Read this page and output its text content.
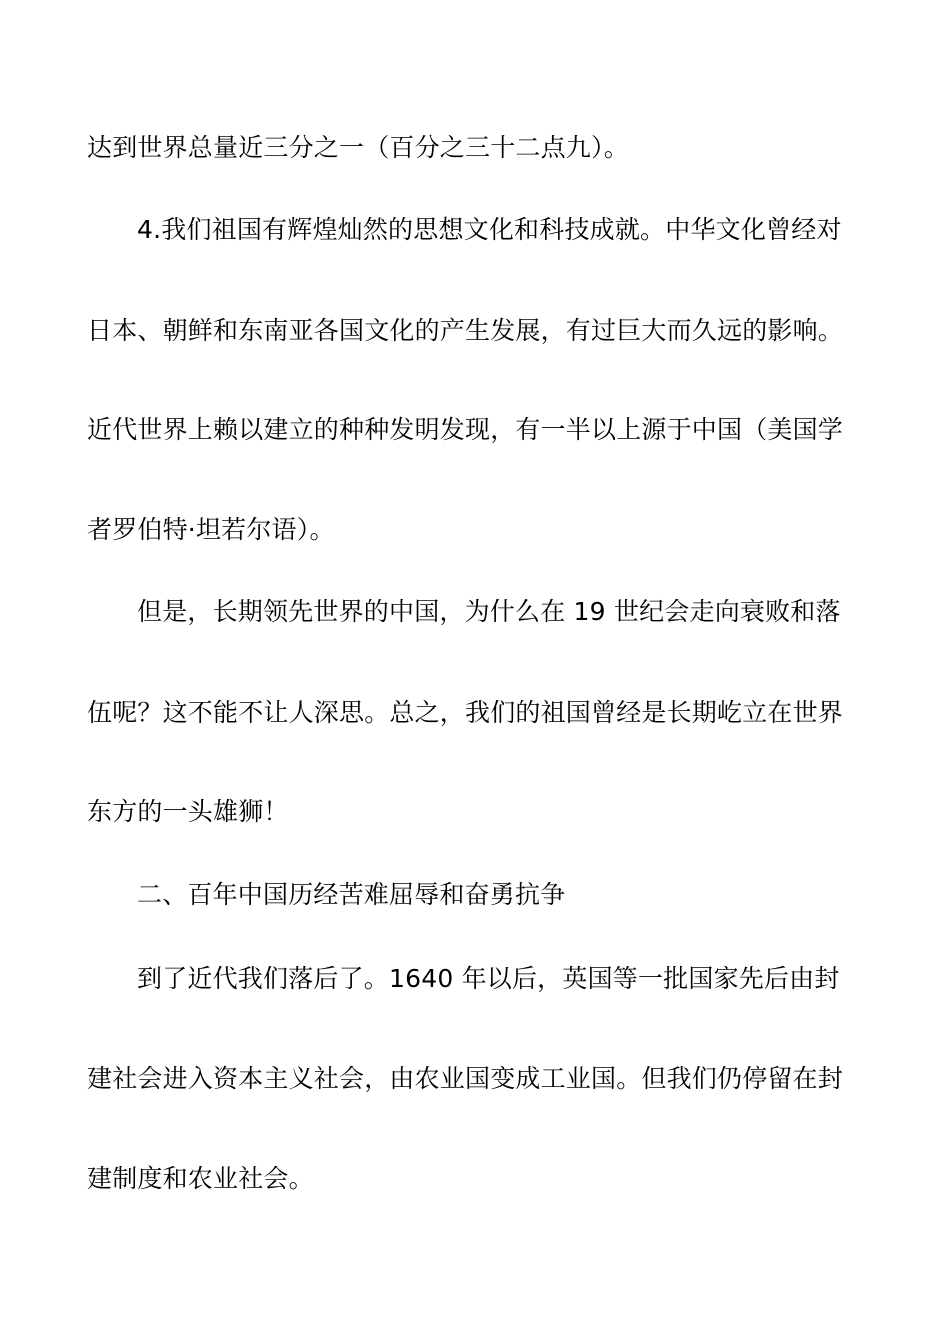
达到世界总量近三分之一（百分之三十二点九）。
4.我们祖国有辉煌灿然的思想文化和科技成就。中华文化曾经对
日本、朝鲜和东南亚各国文化的产生发展，有过巨大而久远的影响。
近代世界上赖以建立的种种发明发现，有一半以上源于中国（美国学
者罗伯特·坦若尔语）。
但是，长期领先世界的中国，为什么在 19 世纪会走向衰败和落
伍呢？这不能不让人深思。总之，我们的祖国曾经是长期屹立在世界
东方的一头雄狮！
二、百年中国历经苦难屈辱和奋勇抗争
到了近代我们落后了。1640 年以后，英国等一批国家先后由封
建社会进入资本主义社会，由农业国变成工业国。但我们仍停留在封
建制度和农业社会。
